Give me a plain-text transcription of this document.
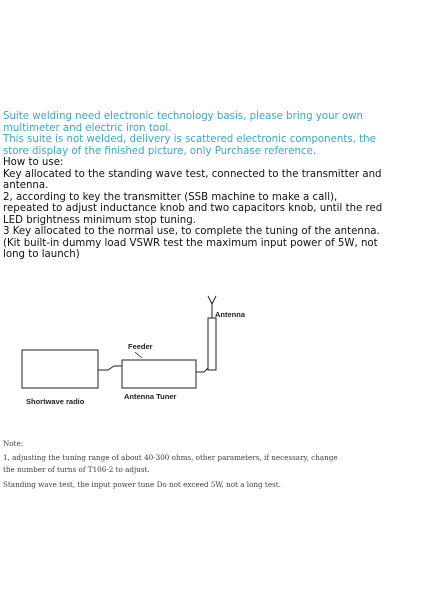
Suite welding need electronic technology basis, please bring your own
multimeter and electric iron tool.
This suite is not welded, delivery is scattered electronic components, the
store display of the finished picture, only Purchase reference.
How to use:
Key allocated to the standing wave test, connected to the transmitter and
antenna.
2, according to key the transmitter (SSB machine to make a call),
repeated to adjust inductance knob and two capacitors knob, until the red
LED brightness minimum stop tuning.
3 Key allocated to the normal use, to complete the tuning of the antenna.
(Kit built-in dummy load VSWR test the maximum input power of 5W, not
long to launch)
Antenna
Shortwave radio
Antenna Tuner
Feeder
Note:
1, adjusting the tuning range of about 40-300 ohms, other parameters, if necessary, change
the number of turns of T106-2 to adjust.
Standing wave test, the input power tune Do not exceed 5W, not a long test.
